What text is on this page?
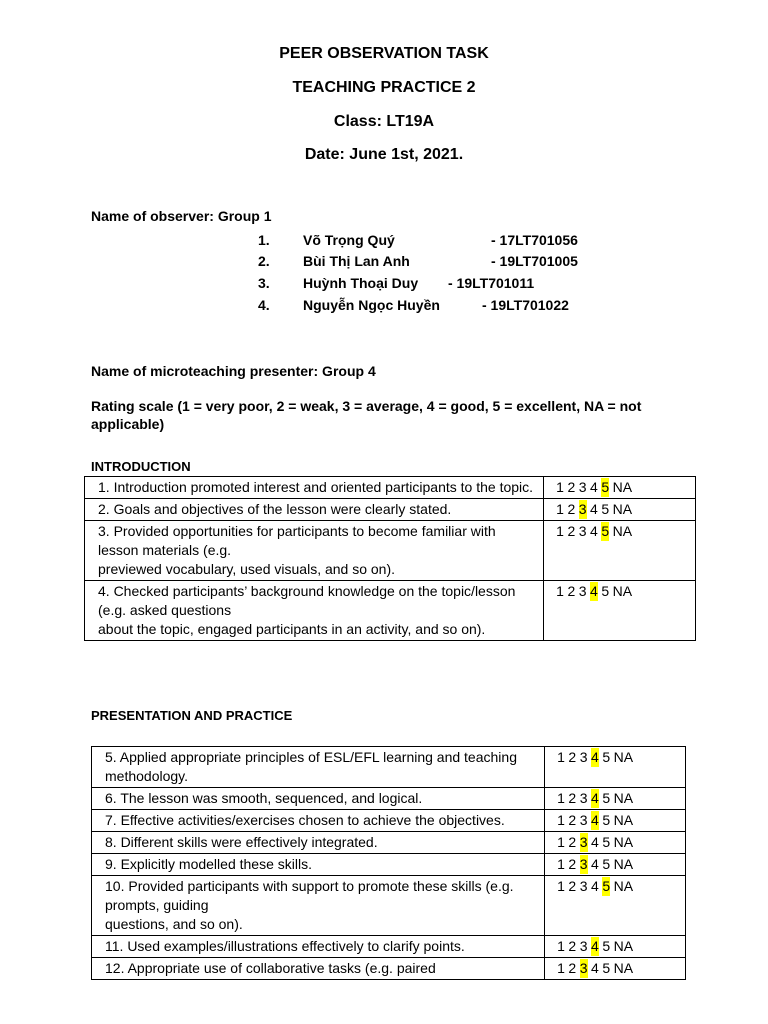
PEER OBSERVATION TASK
TEACHING PRACTICE 2
Class: LT19A
Date: June 1st, 2021.
Name of observer: Group 1
1. Võ Trọng Quý	- 17LT701056
2. Bùi Thị Lan Anh	- 19LT701005
3. Huỳnh Thoại Duy - 19LT701011
4. Nguyễn Ngọc Huyền	- 19LT701022
Name of microteaching presenter: Group 4
Rating scale (1 = very poor, 2 = weak, 3 = average, 4 = good, 5 = excellent, NA = not applicable)
INTRODUCTION
1. Introduction promoted interest and oriented participants to the topic.	1 2 3 4 5 NA
2. Goals and objectives of the lesson were clearly stated.	1 2 3 4 5 NA
3. Provided opportunities for participants to become familiar with lesson materials (e.g.
previewed vocabulary, used visuals, and so on).	1 2 3 4 5 NA
4. Checked participants’ background knowledge on the topic/lesson (e.g. asked questions
about the topic, engaged participants in an activity, and so on).	1 2 3 4 5 NA
PRESENTATION AND PRACTICE
5. Applied appropriate principles of ESL/EFL learning and teaching methodology.	1 2 3 4 5 NA
6. The lesson was smooth, sequenced, and logical.	1 2 3 4 5 NA
7. Effective activities/exercises chosen to achieve the objectives.	1 2 3 4 5 NA
8. Different skills were effectively integrated.	1 2 3 4 5 NA
9. Explicitly modelled these skills.	1 2 3 4 5 NA
10. Provided participants with support to promote these skills (e.g. prompts, guiding
questions, and so on).	1 2 3 4 5 NA
11. Used examples/illustrations effectively to clarify points.	1 2 3 4 5 NA
12. Appropriate use of collaborative tasks (e.g. paired	1 2 3 4 5 NA
